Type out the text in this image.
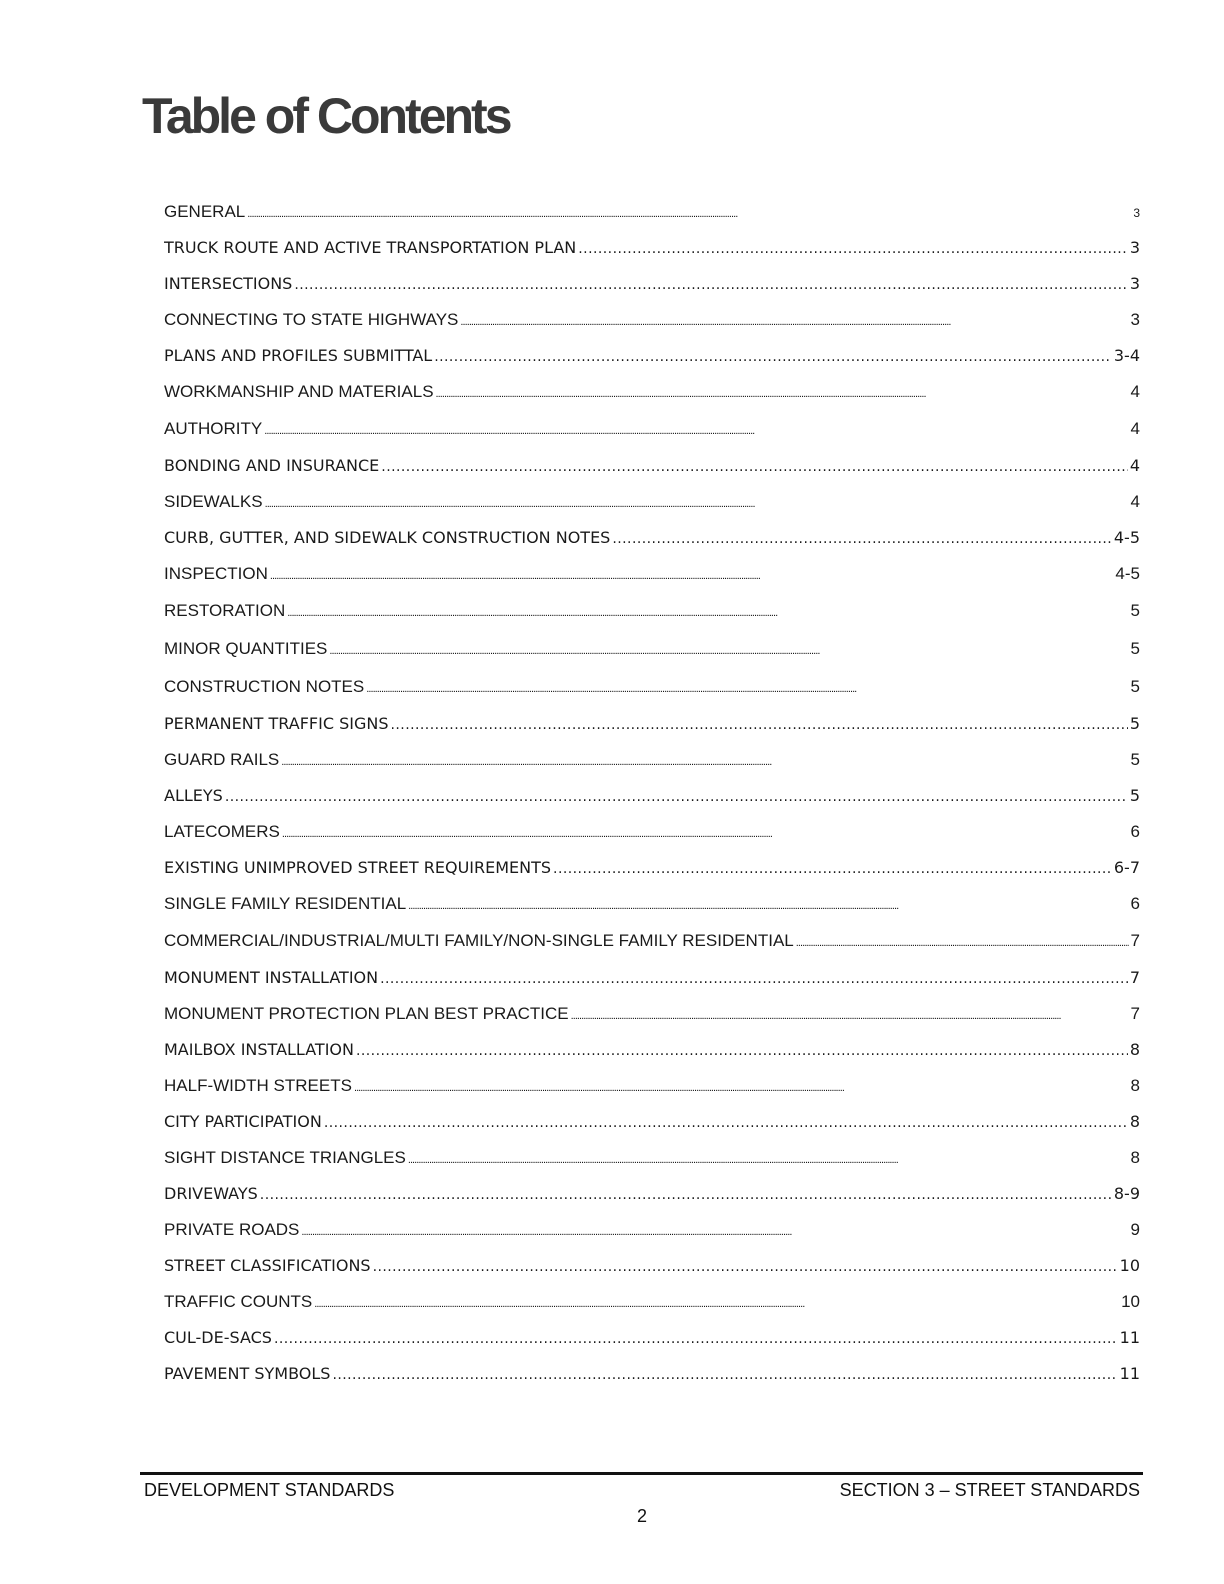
Table of Contents
GENERAL . . .	3
TRUCK ROUTE AND ACTIVE TRANSPORTATION PLAN . . .	3
INTERSECTIONS . . .	3
CONNECTING TO STATE HIGHWAYS . . .	3
PLANS AND PROFILES SUBMITTAL . . .	3-4
WORKMANSHIP AND MATERIALS . . .	4
AUTHORITY . . .	4
BONDING AND INSURANCE . . .	4
SIDEWALKS . . .	4
CURB, GUTTER, AND SIDEWALK CONSTRUCTION NOTES . . .	4-5
INSPECTION . . .	4-5
RESTORATION . . .	5
MINOR QUANTITIES . . .	5
CONSTRUCTION NOTES . . .	5
PERMANENT TRAFFIC SIGNS . . .	5
GUARD RAILS . . .	5
ALLEYS . . .	5
LATECOMERS . . .	6
EXISTING UNIMPROVED STREET REQUIREMENTS . . .	6-7
SINGLE FAMILY RESIDENTIAL . . .	6
COMMERCIAL/INDUSTRIAL/MULTI FAMILY/NON-SINGLE FAMILY RESIDENTIAL . . .	7
MONUMENT INSTALLATION . . .	7
MONUMENT PROTECTION PLAN BEST PRACTICE . . .	7
MAILBOX INSTALLATION . . .	8
HALF-WIDTH STREETS . . .	8
CITY PARTICIPATION . . .	8
SIGHT DISTANCE TRIANGLES . . .	8
DRIVEWAYS . . .	8-9
PRIVATE ROADS . . .	9
STREET CLASSIFICATIONS . . .	10
TRAFFIC COUNTS . . .	10
CUL-DE-SACS . . .	11
PAVEMENT SYMBOLS . . .	11
DEVELOPMENT STANDARDS	SECTION 3 – STREET STANDARDS
2
